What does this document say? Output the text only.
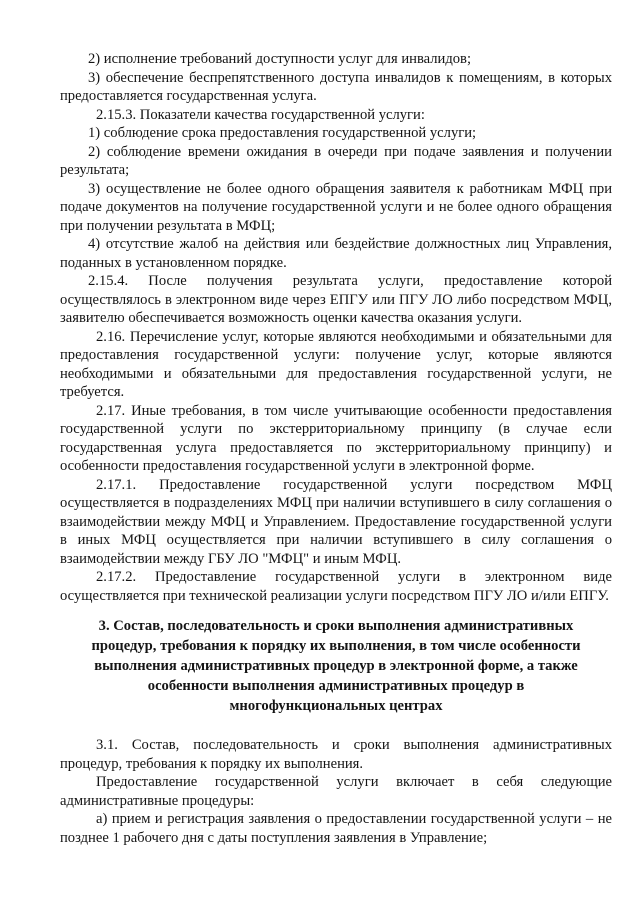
2) исполнение требований доступности услуг для инвалидов;

3) обеспечение беспрепятственного доступа инвалидов к помещениям, в которых предоставляется государственная услуга.

2.15.3. Показатели качества государственной услуги:

1) соблюдение срока предоставления государственной услуги;

2) соблюдение времени ожидания в очереди при подаче заявления и получении результата;

3) осуществление не более одного обращения заявителя к работникам МФЦ при подаче документов на получение государственной услуги и не более одного обращения при получении результата в МФЦ;

4) отсутствие жалоб на действия или бездействие должностных лиц Управления, поданных в установленном порядке.

2.15.4. После получения результата услуги, предоставление которой осуществлялось в электронном виде через ЕПГУ или ПГУ ЛО либо посредством МФЦ, заявителю обеспечивается возможность оценки качества оказания услуги.

2.16. Перечисление услуг, которые являются необходимыми и обязательными для предоставления государственной услуги: получение услуг, которые являются необходимыми и обязательными для предоставления государственной услуги, не требуется.

2.17. Иные требования, в том числе учитывающие особенности предоставления государственной услуги по экстерриториальному принципу (в случае если государственная услуга предоставляется по экстерриториальному принципу) и особенности предоставления государственной услуги в электронной форме.

2.17.1. Предоставление государственной услуги посредством МФЦ осуществляется в подразделениях МФЦ при наличии вступившего в силу соглашения о взаимодействии между МФЦ и Управлением. Предоставление государственной услуги в иных МФЦ осуществляется при наличии вступившего в силу соглашения о взаимодействии между ГБУ ЛО "МФЦ" и иным МФЦ.

2.17.2. Предоставление государственной услуги в электронном виде осуществляется при технической реализации услуги посредством ПГУ ЛО и/или ЕПГУ.

3. Состав, последовательность и сроки выполнения административных процедур, требования к порядку их выполнения, в том числе особенности выполнения административных процедур в электронной форме, а также особенности выполнения административных процедур в многофункциональных центрах

3.1. Состав, последовательность и сроки выполнения административных процедур, требования к порядку их выполнения.

Предоставление государственной услуги включает в себя следующие административные процедуры:

а) прием и регистрация заявления о предоставлении государственной услуги – не позднее 1 рабочего дня с даты поступления заявления в Управление;
